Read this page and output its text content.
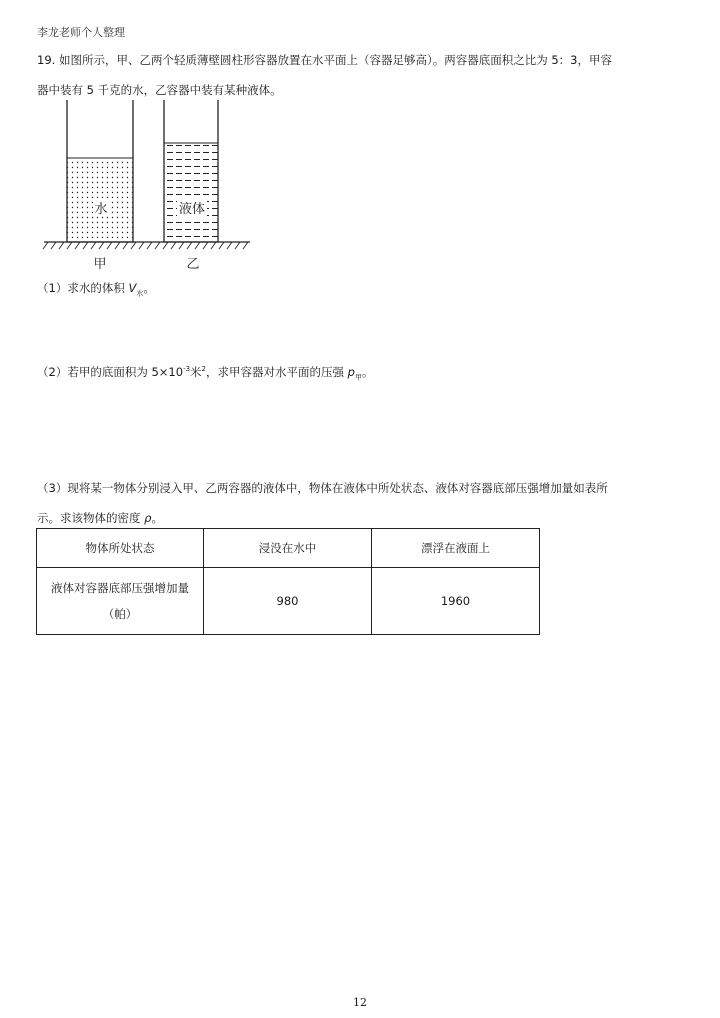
李龙老师个人整理
19. 如图所示，甲、乙两个轻质薄壁圆柱形容器放置在水平面上（容器足够高）。两容器底面积之比为 5：3，甲容
器中装有 5 千克的水，乙容器中装有某种液体。
水	液体
甲	乙
（1）求水的体积 $V_水$。
（2）若甲的底面积为 $5\times 10^{-3}$米$^2$，求甲容器对水平面的压强 $p_甲$。
（3）现将某一物体分别浸入甲、乙两容器的液体中，物体在液体中所处状态、液体对容器底部压强增加量如表所
示。求该物体的密度 ρ。
物体所处状态	浸没在水中	漂浮在液面上

液体对容器底部压强增加量
（帕）	980	1960
12
